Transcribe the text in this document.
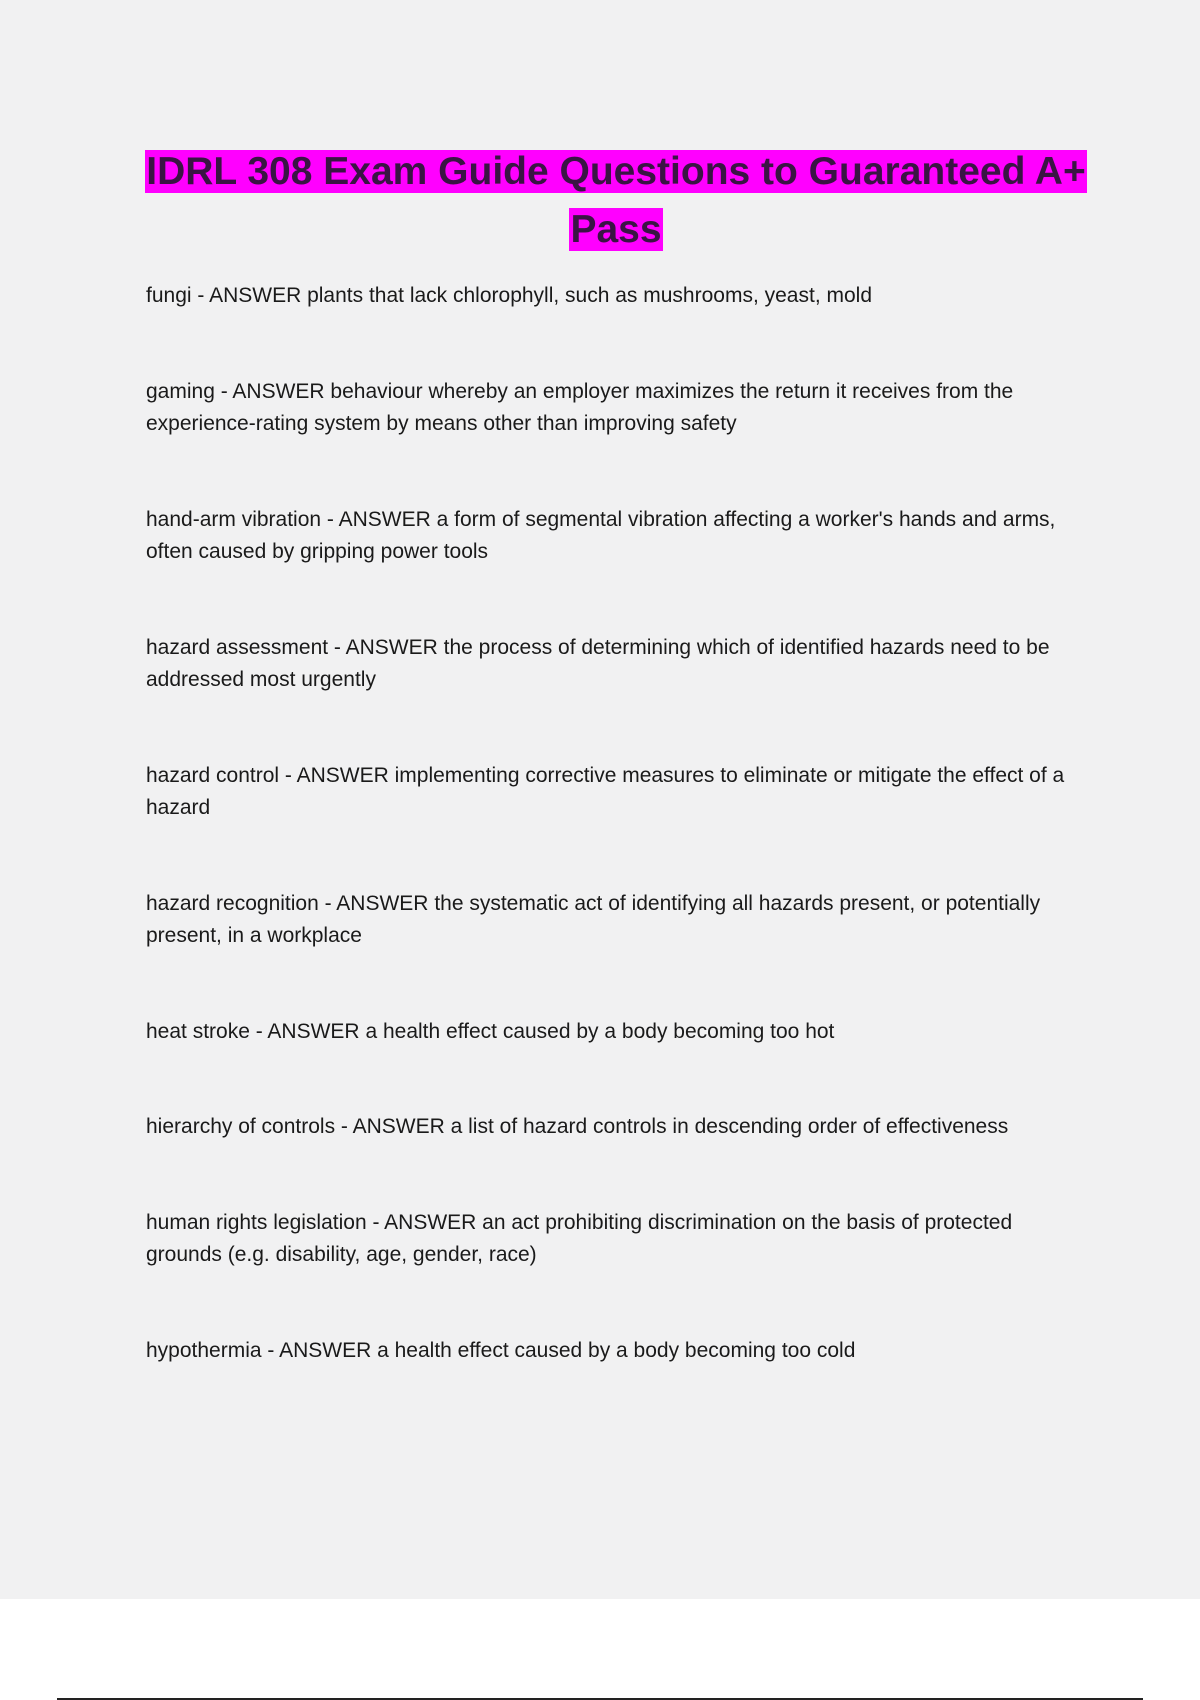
IDRL 308 Exam Guide Questions to Guaranteed A+ Pass

fungi - ANSWER plants that lack chlorophyll, such as mushrooms, yeast, mold

gaming - ANSWER behaviour whereby an employer maximizes the return it receives from the experience-rating system by means other than improving safety

hand-arm vibration - ANSWER a form of segmental vibration affecting a worker's hands and arms, often caused by gripping power tools

hazard assessment - ANSWER the process of determining which of identified hazards need to be addressed most urgently

hazard control - ANSWER implementing corrective measures to eliminate or mitigate the effect of a hazard

hazard recognition - ANSWER the systematic act of identifying all hazards present, or potentially present, in a workplace

heat stroke - ANSWER a health effect caused by a body becoming too hot

hierarchy of controls - ANSWER a list of hazard controls in descending order of effectiveness

human rights legislation - ANSWER an act prohibiting discrimination on the basis of protected grounds (e.g. disability, age, gender, race)

hypothermia - ANSWER a health effect caused by a body becoming too cold
